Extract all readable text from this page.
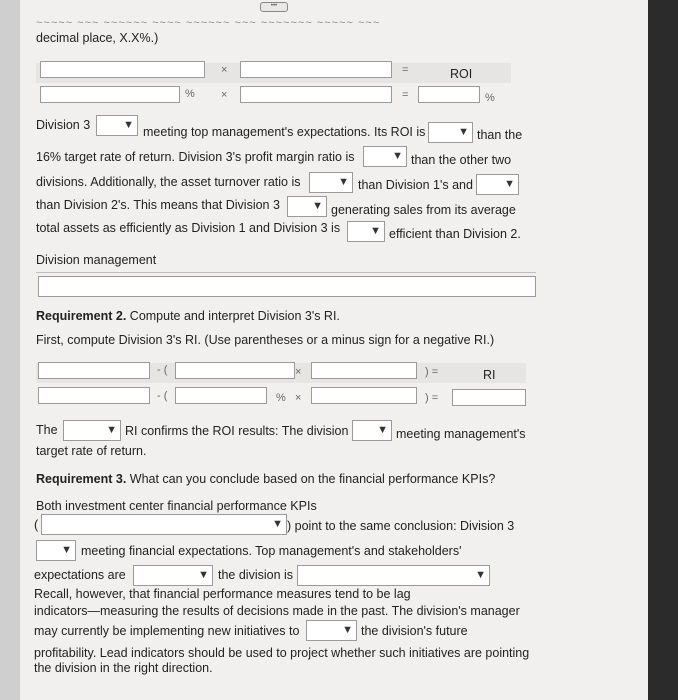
•••
~~~~~ ~~~ ~~~~~~ ~~~~ ~~~~~~ ~~~ ~~~~~~~ ~~~~~ ~~~
decimal place, X.X%.)
×	=	ROI
% ×	=	%
Division 3	▼ meeting top management's expectations. Its ROI is	▼ than the
16% target rate of return. Division 3's profit margin ratio is	▼ than the other two
divisions. Additionally, the asset turnover ratio is	▼ than Division 1's and	▼
than Division 2's. This means that Division 3	▼ generating sales from its average
total assets as efficiently as Division 1 and Division 3 is	▼ efficient than Division 2.
Division management
Requirement 2. Compute and interpret Division 3's RI.
First, compute Division 3's RI. (Use parentheses or a minus sign for a negative RI.)
- (	×	) =	RI
- (	% ×	) =
The	▼ RI confirms the ROI results: The division	▼ meeting management's
target rate of return.
Requirement 3. What can you conclude based on the financial performance KPIs?
Both investment center financial performance KPIs
(	▼ ) point to the same conclusion: Division 3
▼ meeting financial expectations. Top management's and stakeholders'
expectations are	▼ the division is	▼
Recall, however, that financial performance measures tend to be lag
indicators—measuring the results of decisions made in the past. The division's manager
may currently be implementing new initiatives to	▼ the division's future
profitability. Lead indicators should be used to project whether such initiatives are pointing
the division in the right direction.
